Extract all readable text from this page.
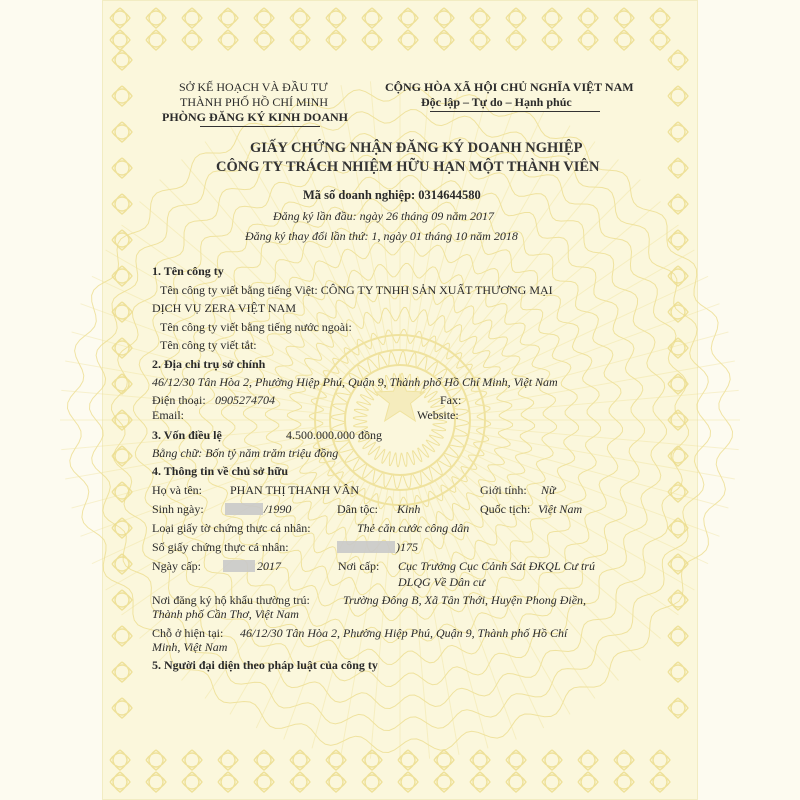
SỞ KẾ HOẠCH VÀ ĐẦU TƯ
THÀNH PHỐ HỒ CHÍ MINH
PHÒNG ĐĂNG KÝ KINH DOANH
CỘNG HÒA XÃ HỘI CHỦ NGHĨA VIỆT NAM
Độc lập – Tự do – Hạnh phúc
GIẤY CHỨNG NHẬN ĐĂNG KÝ DOANH NGHIỆP
CÔNG TY TRÁCH NHIỆM HỮU HẠN MỘT THÀNH VIÊN
Mã số doanh nghiệp: 0314644580
Đăng ký lần đầu: ngày 26 tháng 09 năm 2017
Đăng ký thay đổi lần thứ: 1, ngày 01 tháng 10 năm 2018
1. Tên công ty
Tên công ty viết bằng tiếng Việt: CÔNG TY TNHH SẢN XUẤT THƯƠNG MẠI
DỊCH VỤ ZERA VIỆT NAM
Tên công ty viết bằng tiếng nước ngoài:
Tên công ty viết tắt:
2. Địa chỉ trụ sở chính
46/12/30 Tân Hòa 2, Phường Hiệp Phú, Quận 9, Thành phố Hồ Chí Minh, Việt Nam
Điện thoại: 0905274704	Fax:
Email:	Website:
3. Vốn điều lệ	4.500.000.000 đồng
Bằng chữ: Bốn tỷ năm trăm triệu đồng
4. Thông tin về chủ sở hữu
Họ và tên: PHAN THỊ THANH VÂN	Giới tính: Nữ
Sinh ngày:	/1990	Dân tộc: Kinh	Quốc tịch: Việt Nam
Loại giấy tờ chứng thực cá nhân:	Thẻ căn cước công dân
Số giấy chứng thực cá nhân:	)175
Ngày cấp:	2017	Nơi cấp: Cục Trưởng Cục Cảnh Sát ĐKQL Cư trú
DLQG Về Dân cư
Nơi đăng ký hộ khẩu thường trú:	Trường Đông B, Xã Tân Thới, Huyện Phong Điền,
Thành phố Cần Thơ, Việt Nam
Chỗ ở hiện tại: 46/12/30 Tân Hòa 2, Phường Hiệp Phú, Quận 9, Thành phố Hồ Chí
Minh, Việt Nam
5. Người đại diện theo pháp luật của công ty
